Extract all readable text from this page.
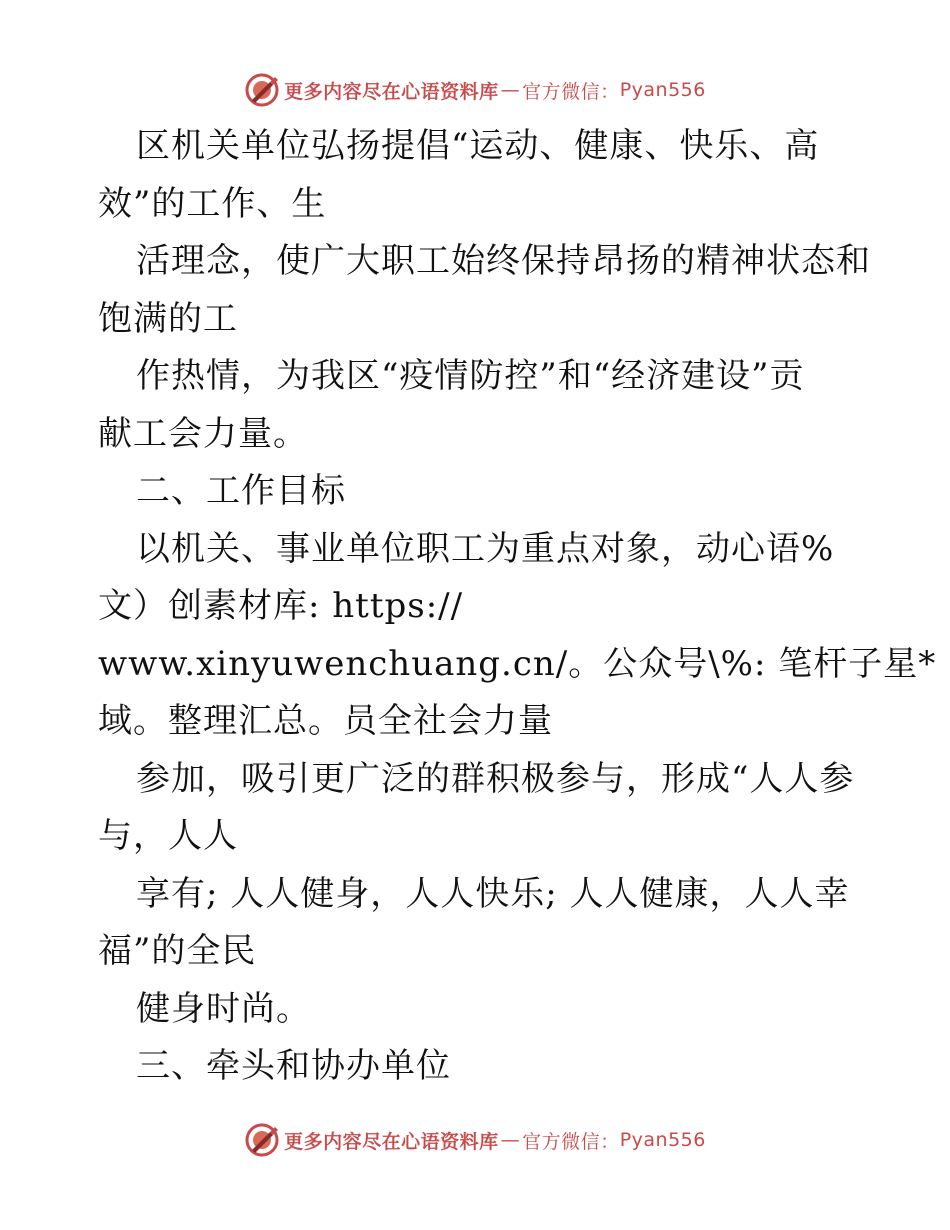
更多内容尽在心语资料库 — 官方微信： Pyan556
区机关单位弘扬提倡“运动、健康、快乐、高
效”的工作、生
活理念，使广大职工始终保持昂扬的精神状态和
饱满的工
作热情，为我区“疫情防控”和“经济建设”贡
献工会力量。
二、工作目标
以机关、事业单位职工为重点对象，动心语%
文）创素材库: https://
www.xinyuwenchuang.cn/。公众号\%: 笔杆子星*
域。整理汇总。员全社会力量
参加，吸引更广泛的群积极参与，形成“人人参
与，人人
享有; 人人健身，人人快乐; 人人健康，人人幸
福”的全民
健身时尚。
三、牵头和协办单位
更多内容尽在心语资料库 — 官方微信： Pyan556
